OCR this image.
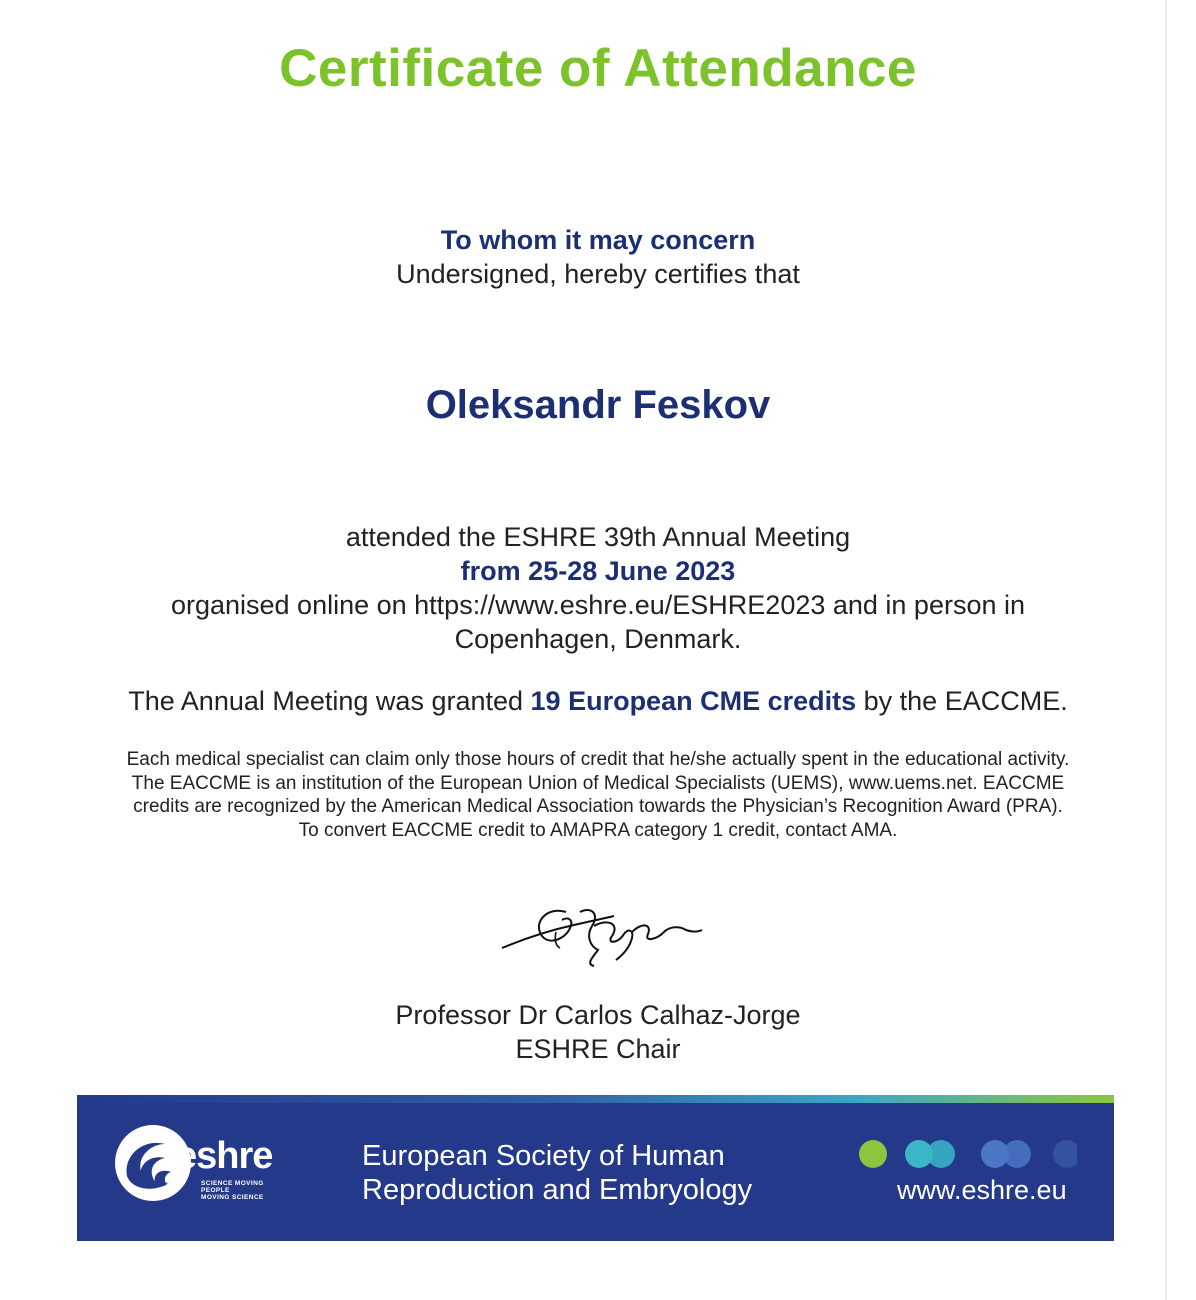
Certificate of Attendance
To whom it may concern
Undersigned, hereby certifies that
Oleksandr Feskov
attended the ESHRE 39th Annual Meeting
from 25-28 June 2023
organised online on https://www.eshre.eu/ESHRE2023 and in person in
Copenhagen, Denmark.
The Annual Meeting was granted 19 European CME credits by the EACCME.
Each medical specialist can claim only those hours of credit that he/she actually spent in the educational activity.
The EACCME is an institution of the European Union of Medical Specialists (UEMS), www.uems.net. EACCME
credits are recognized by the American Medical Association towards the Physician’s Recognition Award (PRA).
To convert EACCME credit to AMAPRA category 1 credit, contact AMA.
Professor Dr Carlos Calhaz-Jorge
ESHRE Chair
eshre
SCIENCE MOVING
PEOPLE
MOVING SCIENCE
European Society of Human
Reproduction and Embryology	www.eshre.eu
